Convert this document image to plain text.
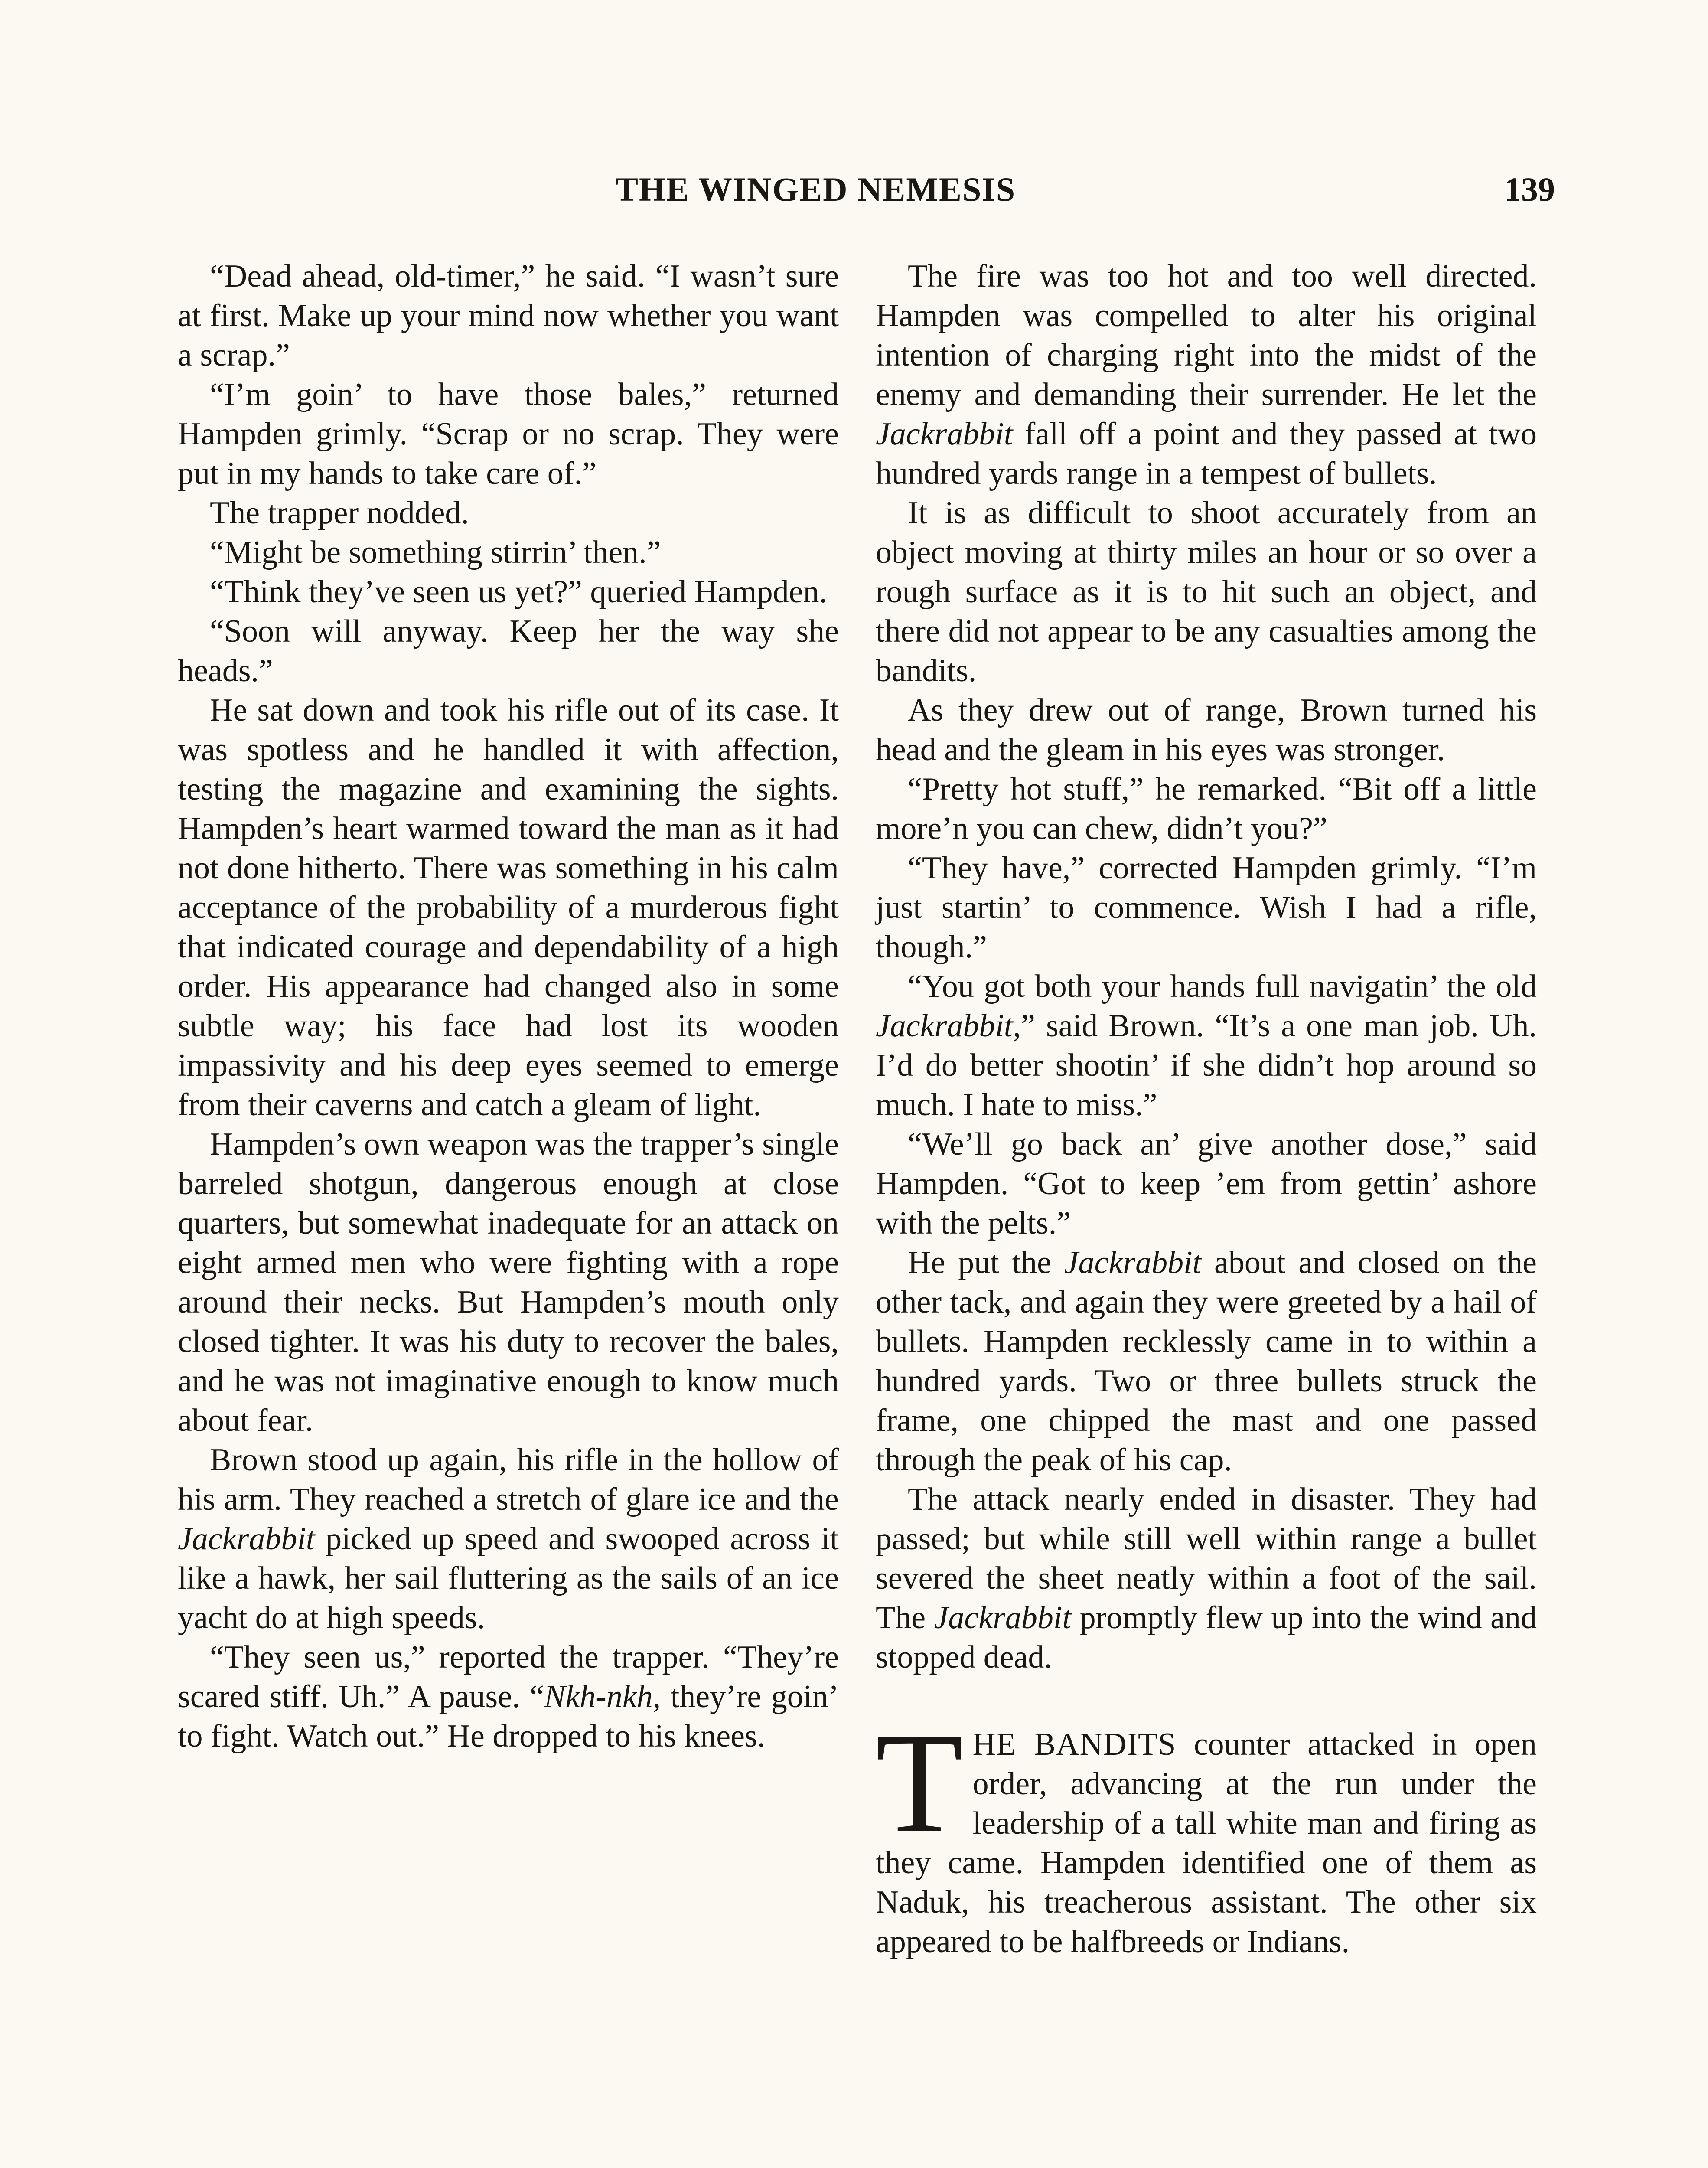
THE WINGED NEMESIS	139

“Dead ahead, old-timer,” he said. “I wasn’t sure at first. Make up your mind now whether you want a scrap.”

“I’m goin’ to have those bales,” returned Hampden grimly. “Scrap or no scrap. They were put in my hands to take care of.”

The trapper nodded.

“Might be something stirrin’ then.”

“Think they’ve seen us yet?” queried Hampden.

“Soon will anyway. Keep her the way she heads.”

He sat down and took his rifle out of its case. It was spotless and he handled it with affection, testing the magazine and examining the sights. Hampden’s heart warmed toward the man as it had not done hitherto. There was something in his calm acceptance of the probability of a murderous fight that indicated courage and dependability of a high order. His appearance had changed also in some subtle way; his face had lost its wooden impassivity and his deep eyes seemed to emerge from their caverns and catch a gleam of light.

Hampden’s own weapon was the trapper’s single barreled shotgun, dangerous enough at close quarters, but somewhat inadequate for an attack on eight armed men who were fighting with a rope around their necks. But Hampden’s mouth only closed tighter. It was his duty to recover the bales, and he was not imaginative enough to know much about fear.

Brown stood up again, his rifle in the hollow of his arm. They reached a stretch of glare ice and the Jackrabbit picked up speed and swooped across it like a hawk, her sail fluttering as the sails of an ice yacht do at high speeds.

“They seen us,” reported the trapper. “They’re scared stiff. Uh.” A pause. “Nkh-nkh, they’re goin’ to fight. Watch out.” He dropped to his knees.

The fire was too hot and too well directed. Hampden was compelled to alter his original intention of charging right into the midst of the enemy and demanding their surrender. He let the Jackrabbit fall off a point and they passed at two hundred yards range in a tempest of bullets.

It is as difficult to shoot accurately from an object moving at thirty miles an hour or so over a rough surface as it is to hit such an object, and there did not appear to be any casualties among the bandits.

As they drew out of range, Brown turned his head and the gleam in his eyes was stronger.

“Pretty hot stuff,” he remarked. “Bit off a little more’n you can chew, didn’t you?”

“They have,” corrected Hampden grimly. “I’m just startin’ to commence. Wish I had a rifle, though.”

“You got both your hands full navigatin’ the old Jackrabbit,” said Brown. “It’s a one man job. Uh. I’d do better shootin’ if she didn’t hop around so much. I hate to miss.”

“We’ll go back an’ give another dose,” said Hampden. “Got to keep ’em from gettin’ ashore with the pelts.”

He put the Jackrabbit about and closed on the other tack, and again they were greeted by a hail of bullets. Hampden recklessly came in to within a hundred yards. Two or three bullets struck the frame, one chipped the mast and one passed through the peak of his cap.

The attack nearly ended in disaster. They had passed; but while still well within range a bullet severed the sheet neatly within a foot of the sail. The Jackrabbit promptly flew up into the wind and stopped dead.

THE BANDITS counter attacked in open order, advancing at the run under the leadership of a tall white man and firing as they came. Hampden identified one of them as Naduk, his treacherous assistant. The other six appeared to be halfbreeds or Indians.
